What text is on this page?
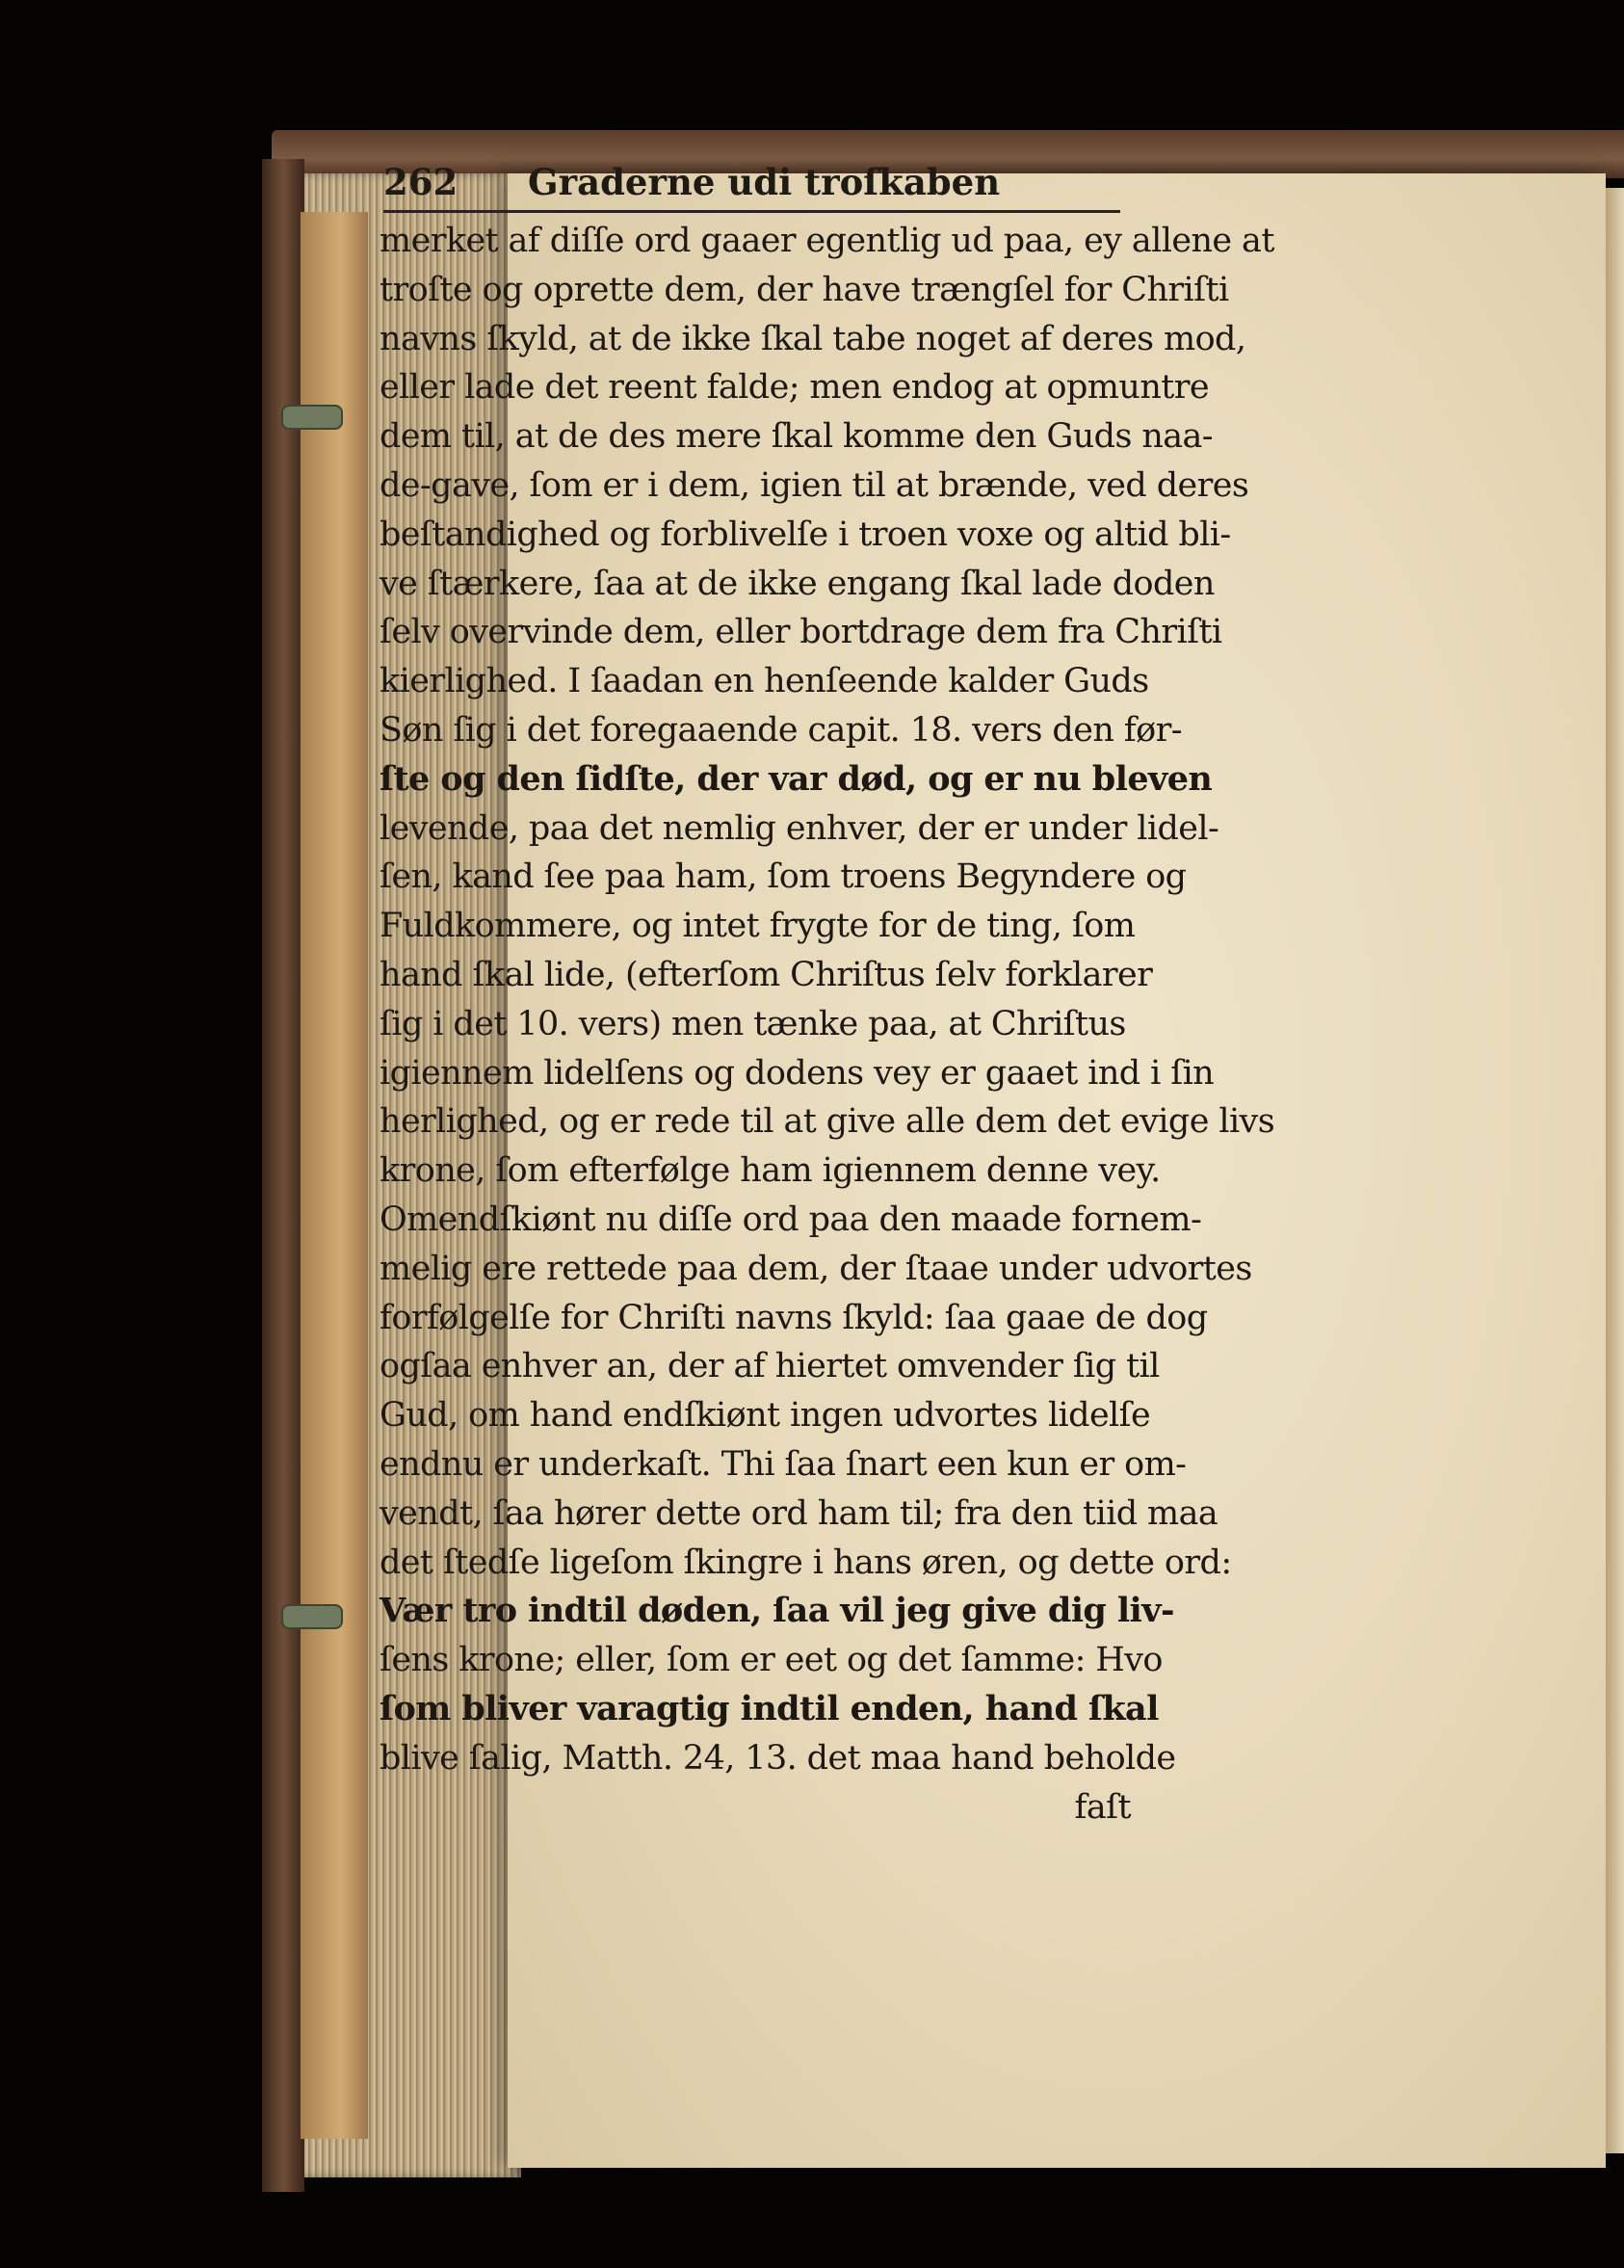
262 Graderne udi troſkaben
merket af diſſe ord gaaer egentlig ud paa, ey allene at
troſte og oprette dem, der have trængſel for Chriſti
navns ſkyld, at de ikke ſkal tabe noget af deres mod,
eller lade det reent falde; men endog at opmuntre
dem til, at de des mere ſkal komme den Guds naa-
de-gave, ſom er i dem, igien til at brænde, ved deres
beſtandighed og forblivelſe i troen voxe og altid bli-
ve ſtærkere, ſaa at de ikke engang ſkal lade doden
ſelv overvinde dem, eller bortdrage dem fra Chriſti
kierlighed. I ſaadan en henſeende kalder Guds
Søn ſig i det foregaaende capit. 18. vers den før-
ſte og den ſidſte, der var død, og er nu bleven
levende, paa det nemlig enhver, der er under lidel-
ſen, kand ſee paa ham, ſom troens Begyndere og
Fuldkommere, og intet frygte for de ting, ſom
hand ſkal lide, (efterſom Chriſtus ſelv forklarer
ſig i det 10. vers) men tænke paa, at Chriſtus
igiennem lidelſens og dodens vey er gaaet ind i ſin
herlighed, og er rede til at give alle dem det evige livs
krone, ſom efterfølge ham igiennem denne vey.
Omendſkiønt nu diſſe ord paa den maade fornem-
melig ere rettede paa dem, der ſtaae under udvortes
forfølgelſe for Chriſti navns ſkyld: ſaa gaae de dog
ogſaa enhver an, der af hiertet omvender ſig til
Gud, om hand endſkiønt ingen udvortes lidelſe
endnu er underkaſt. Thi ſaa ſnart een kun er om-
vendt, ſaa hører dette ord ham til; fra den tiid maa
det ſtedſe ligeſom ſkingre i hans øren, og dette ord:
Vær tro indtil døden, ſaa vil jeg give dig liv-
ſens krone; eller, ſom er eet og det ſamme: Hvo
ſom bliver varagtig indtil enden, hand ſkal
blive ſalig, Matth. 24, 13. det maa hand beholde
faſt
